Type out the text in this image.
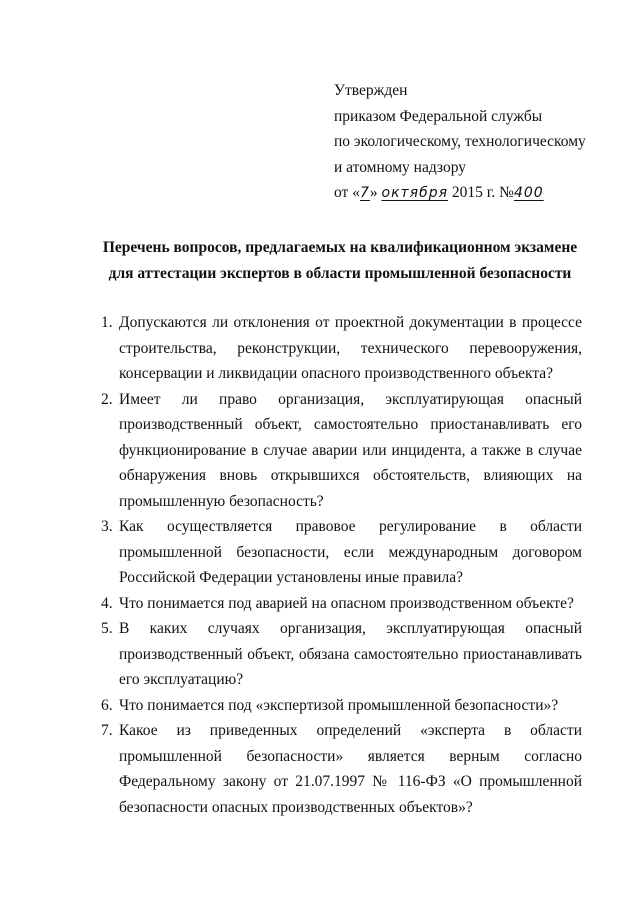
Утвержден
приказом Федеральной службы
по экологическому, технологическому
и атомному надзору
от «7» октября 2015 г. №400
Перечень вопросов, предлагаемых на квалификационном экзамене
для аттестации экспертов в области промышленной безопасности
1. Допускаются ли отклонения от проектной документации в процессе строительства, реконструкции, технического перевооружения, консервации и ликвидации опасного производственного объекта?
2. Имеет ли право организация, эксплуатирующая опасный производственный объект, самостоятельно приостанавливать его функционирование в случае аварии или инцидента, а также в случае обнаружения вновь открывшихся обстоятельств, влияющих на промышленную безопасность?
3. Как осуществляется правовое регулирование в области промышленной безопасности, если международным договором Российской Федерации установлены иные правила?
4. Что понимается под аварией на опасном производственном объекте?
5. В каких случаях организация, эксплуатирующая опасный производственный объект, обязана самостоятельно приостанавливать его эксплуатацию?
6. Что понимается под «экспертизой промышленной безопасности»?
7. Какое из приведенных определений «эксперта в области промышленной безопасности» является верным согласно Федеральному закону от 21.07.1997 № 116-ФЗ «О промышленной безопасности опасных производственных объектов»?
